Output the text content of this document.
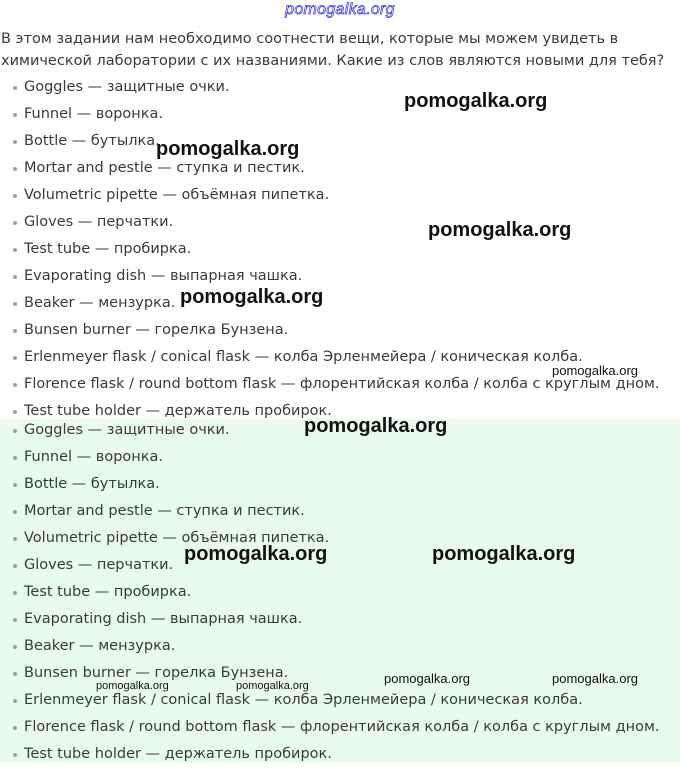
pomogalka.org

В этом задании нам необходимо соотнести вещи, которые мы можем увидеть в химической лаборатории с их названиями. Какие из слов являются новыми для тебя?

Goggles — защитные очки.
Funnel — воронка.
Bottle — бутылка.
Mortar and pestle — ступка и пестик.
Volumetric pipette — объёмная пипетка.
Gloves — перчатки.
Test tube — пробирка.
Evaporating dish — выпарная чашка.
Beaker — мензурка.
Bunsen burner — горелка Бунзена.
Erlenmeyer flask / conical flask — колба Эрленмейера / коническая колба.
Florence flask / round bottom flask — флорентийская колба / колба с круглым дном.
Test tube holder — держатель пробирок.
Goggles — защитные очки.
Funnel — воронка.
Bottle — бутылка.
Mortar and pestle — ступка и пестик.
Volumetric pipette — объёмная пипетка.
Gloves — перчатки.
Test tube — пробирка.
Evaporating dish — выпарная чашка.
Beaker — мензурка.
Bunsen burner — горелка Бунзена.
Erlenmeyer flask / conical flask — колба Эрленмейера / коническая колба.
Florence flask / round bottom flask — флорентийская колба / колба с круглым дном.
Test tube holder — держатель пробирок.
pomogalka.org
pomogalka.org
pomogalka.org
pomogalka.org
pomogalka.org
pomogalka.org
pomogalka.org	pomogalka.org
pomogalka.org	pomogalka.org
pomogalka.org	pomogalka.org
